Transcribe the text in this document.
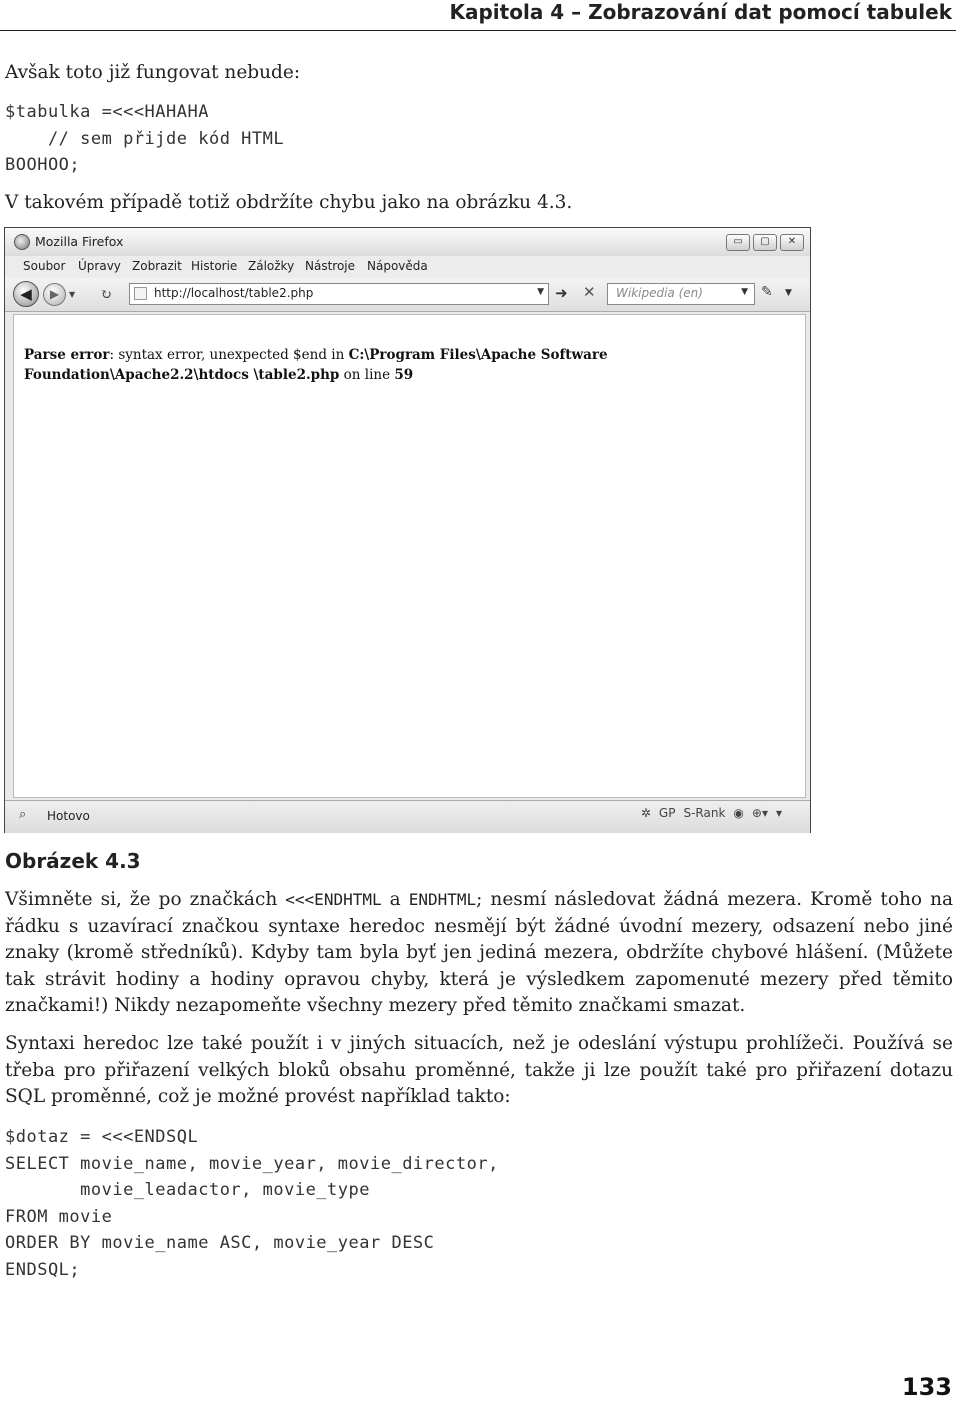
Kapitola 4 – Zobrazování dat pomocí tabulek
Avšak toto již fungovat nebude:
$tabulka =<<<HAHAHA
// sem přijde kód HTML
BOOHOO;
V takovém případě totiž obdržíte chybu jako na obrázku 4.3.
Mozilla Firefox	▭	▢	✕
Soubor Úpravy Zobrazit Historie Záložky Nástroje Nápověda
◀	▶	▼	↻	http://localhost/table2.php	▼ ➜ ✕ Wikipedia (en)	▼ ✎ ▼
Parse error: syntax error, unexpected $end in C:\Program Files\Apache Software Foundation\Apache2.2\htdocs \table2.php on line 59
⌕ Hotovo	✲ GP S-Rank ◉ ⊕▾ ▾
Obrázek 4.3
Všimněte si, že po značkách <<<ENDHTML a ENDHTML; nesmí následovat žádná mezera. Kromě toho na řádku s uzavírací značkou syntaxe heredoc nesmějí být žádné úvodní mezery, odsazení nebo jiné znaky (kromě středníků). Kdyby tam byla byť jen jediná mezera, obdržíte chybové hlášení. (Můžete tak strávit hodiny a hodiny opravou chyby, která je výsledkem zapomenuté mezery před těmito značkami!) Nikdy nezapomeňte všechny mezery před těmito značkami smazat.
Syntaxi heredoc lze také použít i v jiných situacích, než je odeslání výstupu prohlížeči. Používá se třeba pro přiřazení velkých bloků obsahu proměnné, takže ji lze použít také pro přiřazení dotazu SQL proměnné, což je možné provést například takto:
$dotaz = <<<ENDSQL
SELECT movie_name, movie_year, movie_director,
movie_leadactor, movie_type
FROM movie
ORDER BY movie_name ASC, movie_year DESC
ENDSQL;
133
